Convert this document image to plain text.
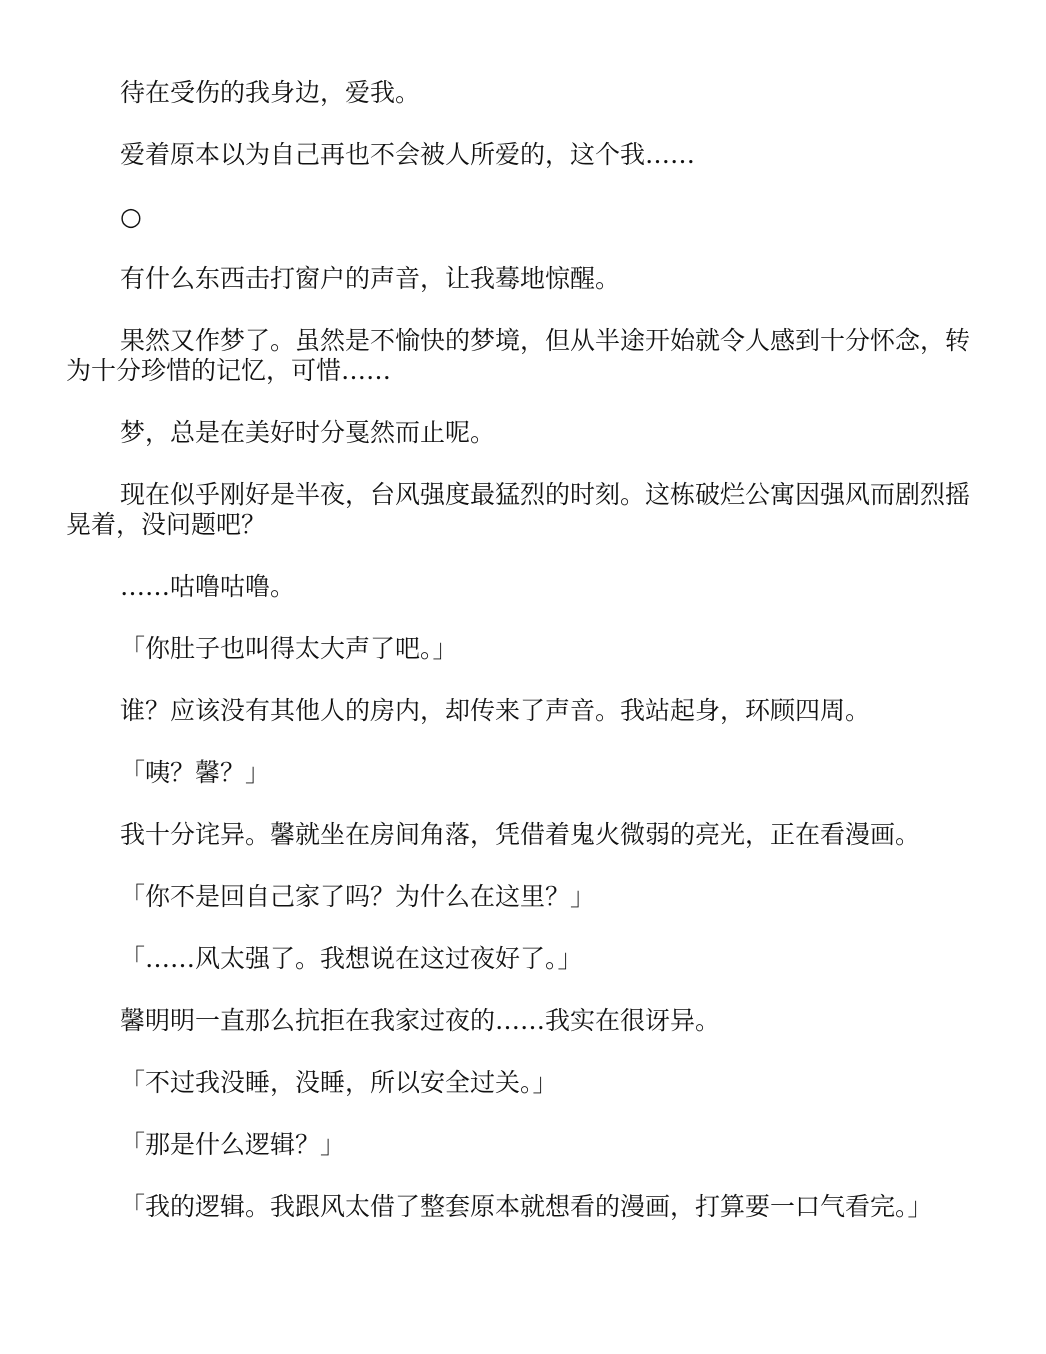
待在受伤的我身边，爱我。

爱着原本以为自己再也不会被人所爱的，这个我……

○

有什么东西击打窗户的声音，让我蓦地惊醒。

果然又作梦了。虽然是不愉快的梦境，但从半途开始就令人感到十分怀念，转为十分珍惜的记忆，可惜……

梦，总是在美好时分戛然而止呢。

现在似乎刚好是半夜，台风强度最猛烈的时刻。这栋破烂公寓因强风而剧烈摇晃着，没问题吧？

……咕噜咕噜。

「你肚子也叫得太大声了吧。」

谁？应该没有其他人的房内，却传来了声音。我站起身，环顾四周。

「咦？馨？」

我十分诧异。馨就坐在房间角落，凭借着鬼火微弱的亮光，正在看漫画。

「你不是回自己家了吗？为什么在这里？」

「……风太强了。我想说在这过夜好了。」

馨明明一直那么抗拒在我家过夜的……我实在很讶异。

「不过我没睡，没睡，所以安全过关。」

「那是什么逻辑？」

「我的逻辑。我跟风太借了整套原本就想看的漫画，打算要一口气看完。」
